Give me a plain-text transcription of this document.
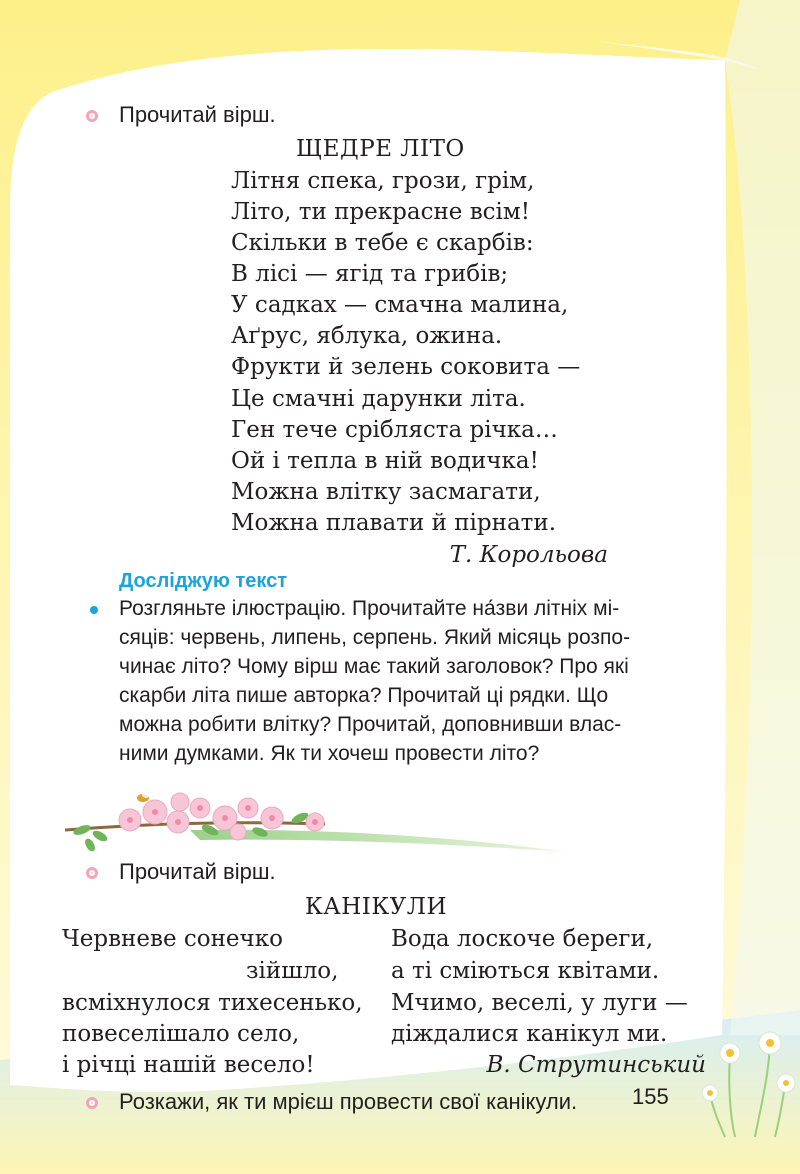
Прочитай вірш.
ЩЕДРЕ ЛІТО
Літня спека, грози, грім,
Літо, ти прекрасне всім!
Скільки в тебе є скарбів:
В лісі — ягід та грибів;
У садках — смачна малина,
Аґрус, яблука, ожина.
Фрукти й зелень соковита —
Це смачні дарунки літа.
Ген тече срібляста річка…
Ой і тепла в ній водичка!
Можна влітку засмагати,
Можна плавати й пірнати.
Т. Корольова
Досліджую текст
Розгляньте ілюстрацію. Прочитайте на́зви літніх мі-
сяців: червень, липень, серпень. Який місяць розпо-
чинає літо? Чому вірш має такий заголовок? Про які
скарби літа пише авторка? Прочитай ці рядки. Що
можна робити влітку? Прочитай, доповнивши влас-
ними думками. Як ти хочеш провести літо?
Прочитай вірш.
КАНІКУЛИ
Червневе сонечко
зійшло,
всміхнулося тихесенько,
повеселішало село,
і річці нашій весело!
Вода лоскоче береги,
а ті сміються квітами.
Мчимо, веселі, у луги —
діждалися канікул ми.
В. Струтинський
Розкажи, як ти мрієш провести свої канікули. 155
